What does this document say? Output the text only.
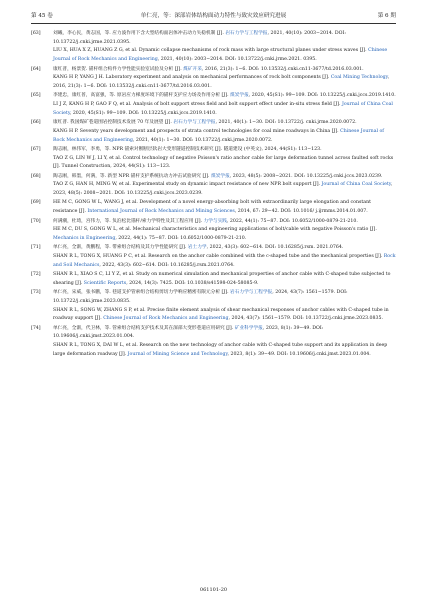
第 45 卷	单仁亮，等：深部岩体结构面动力特性与致灾效应研究进展	第 6 期
[63]	刘曦，李心民，黄志国，等. 应力波作用下含大型结构面岩体冲击动力失稳机制 [J]. 岩石力学与工程学报, 2021, 40(10): 2003−2014. DOI: 10.13722/j.cnki.jrme.2021.0395.
LIU X, HUA X Z, HUANG Z G, et al. Dynamic collapse mechanisms of rock mass with large structural planes under stress waves [J]. Chinese Journal of Rock Mechanics and Engineering, 2021, 40(10): 2003−2014. DOI: 10.13722/j.cnki.jrme.2021. 0395.
[64]	康红普，杨景贺. 锚杆组合构件力学性能实验室试验及分析 [J]. 煤矿开采, 2016, 21(3): 1−6. DOI: 10.13532/j.cnki.cn11-3677/td.2016.03.001.
KANG H P, YANG J H. Laboratory experiment and analysis on mechanical performances of rock bolt components [J]. Coal Mining Technology, 2016, 21(3): 1−6. DOI: 10.13532/j.cnki.cn11-3677/td.2016.03.001.
[65]	李建忠，康红普，高富强，等. 原岩应力梯度环境下的锚杆支护应力场及作用分析 [J]. 煤炭学报, 2020, 45(S1): 99−109. DOI: 10.13225/j.cnki.jccs.2019.1410.
LI J Z, KANG H P, GAO F Q, et al. Analysis of bolt support stress field and bolt support effect under in-situ stress field [J]. Journal of China Coal Society, 2020, 45(S1): 99−109. DOI: 10.13225/j.cnki.jccs.2019.1410.
[66]	康红普. 我国煤矿巷道围岩控制技术发展 70 年及展望 [J]. 岩石力学与工程学报, 2021, 40(1): 1−30. DOI: 10.13722/j. cnki.jrme.2020.0072.
KANG H P. Seventy years development and prospects of strata control technologies for coal mine roadways in China [J]. Chinese Journal of Rock Mechanics and Engineering, 2021, 40(1): 1−30. DOI: 10.13722/j.cnki.jrme.2020.0072.
[67]	陶志刚，林伟军，李勇，等. NPR 锚索对断断层软岩大变形隧道控制技术研究 [J]. 隧道建设 (中英文), 2024, 44(S1): 113−123.
TAO Z G, LIN W J, LI Y, et al. Control technology of negative Poisson's ratio anchor cable for large deformation tunnel across faulted soft rocks [J]. Tunnel Construction, 2024, 44(S1): 113−123.
[68]	陶志刚，韩墨，何满，等. 新型 NPR 锚杆支护系统抗动力冲击试验研究 [J]. 煤炭学报, 2023, 48(5): 2008−2021. DOI: 10.13225/j.cnki.jccs.2023.0239.
TAO Z G, HAN H, MING W, et al. Experimental study on dynamic impact resistance of new NPR bolt support [J]. Journal of China Coal Society, 2023, 48(5): 2008−2021. DOI: 10.13225/j.cnki.jccs.2023.0239.
[69]	HE M C, GONG W L, WANG J, et al. Development of a novel energy-absorbing bolt with extraordinarily large elongation and constant resistance [J]. International Journal of Rock Mechanics and Mining Sciences, 2014, 67: 29−42. DOI: 10.1016/ j.ijrmms.2014.01.007.
[70]	何满潮，杜琦，宫伟力，等. 负泊松比锚杆/索力学特性及其工程应用 [J]. 力学与实践, 2022, 44(1): 75−87. DOI: 10.6052/1000-0879-21-210.
HE M C, DU S, GONG W L, et al. Mechanical characteristics and engineering applications of bolt/cable with negative Poisson's ratio [J]. Mechanics in Engineering, 2022, 44(1): 75−87. DOI: 10.6052/1000-0879-21-210.
[71]	单仁亮，全渐，黄鹏程，等. 带索组合结构及其力学性能研究 [J]. 岩土力学, 2022, 43(3): 602−614. DOI: 10.16285/j.rsm. 2021.0764.
SHAN R L, TONG X, HUANG P C, et al. Research on the anchor cable combined with the c-shaped tube and the mechanical properties [J]. Rock and Soil Mechanics, 2022, 43(3): 602−614. DOI: 10.16285/j.rsm.2021.0764.
[72]	SHAN R L, XIAO S C, LI Y Z, et al. Study on numerical simulation and mechanical properties of anchor cable with C-shaped tube subjected to shearing [J]. Scientific Reports, 2024, 14(3): 7425. DOI: 10.1038/s41598-024-58085-9.
[73]	单仁亮，宋威，张书鹏，等. 巷道支护管索组合结构剪切力学响应精密有限元分析 [J]. 岩石力学与工程学报, 2024, 43(7): 1561−1579. DOI: 10.13722/j.cnki.jrme.2023.0835.
SHAN R L, SONG W, ZHANG S P, et al. Precise finite element analysis of shear mechanical responses of anchor cables with C-shaped tube in roadway support [J]. Chinese Journal of Rock Mechanics and Engineering, 2024, 43(7): 1561−1579. DOI: 10.13722/j.cnki.jrme.2023.0835.
[74]	单仁亮，全渐，代卫林，等. 管索组合结构支护技术及其在深部大变形巷道应用研究 [J]. 矿业科学学报, 2023, 8(1): 39−49. DOI: 10.19606/j.cnki.jmst.2023.01.004.
SHAN R L, TONG X, DAI W L, et al. Research on the new technology of anchor cable with C-shaped tube support and its application in deep large deformation roadway [J]. Journal of Mining Science and Technology, 2023, 8(1): 39−49. DOI: 10.19606/j.cnki.jmst.2023.01.004.
061101-20
